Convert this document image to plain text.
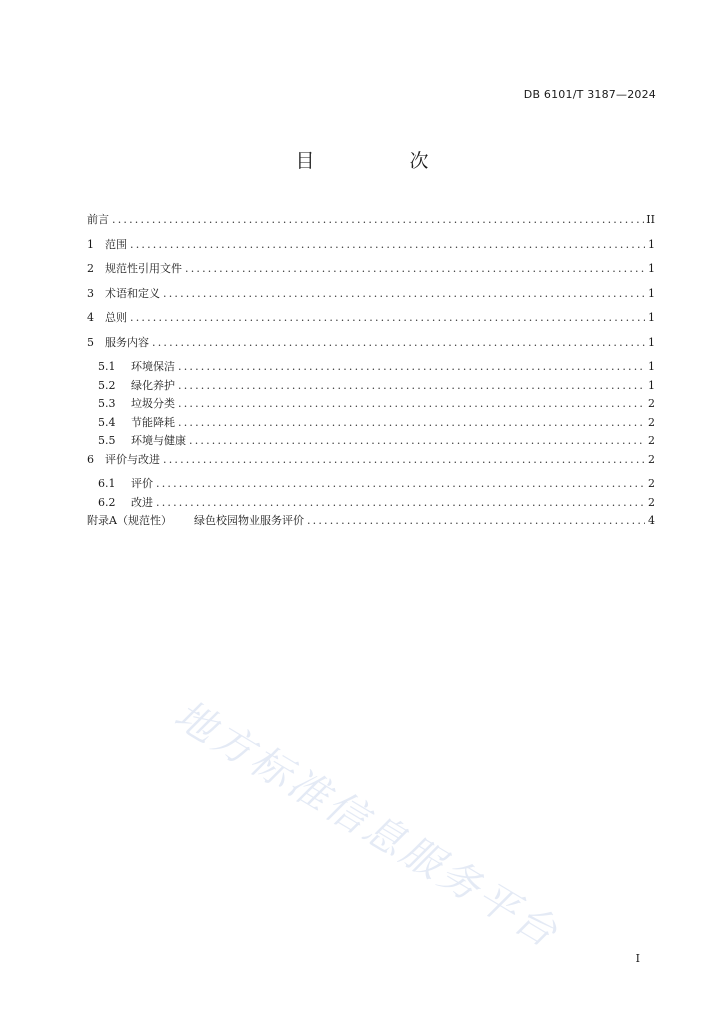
DB 6101/T 3187—2024
目　次
前言 .....	II
1	范围 .....	1
2	规范性引用文件 .....	1
3	术语和定义 .....	1
4	总则 .....	1
5	服务内容 .....	1
5.1	环境保洁 .....	1
5.2	绿化养护 .....	1
5.3	垃圾分类 .....	2
5.4	节能降耗 .....	2
5.5	环境与健康 .....	2
6	评价与改进 .....	2
6.1	评价 .....	2
6.2	改进 .....	2
附录A（规范性） 绿色校园物业服务评价 .....	4
地方标准信息服务平台
I
